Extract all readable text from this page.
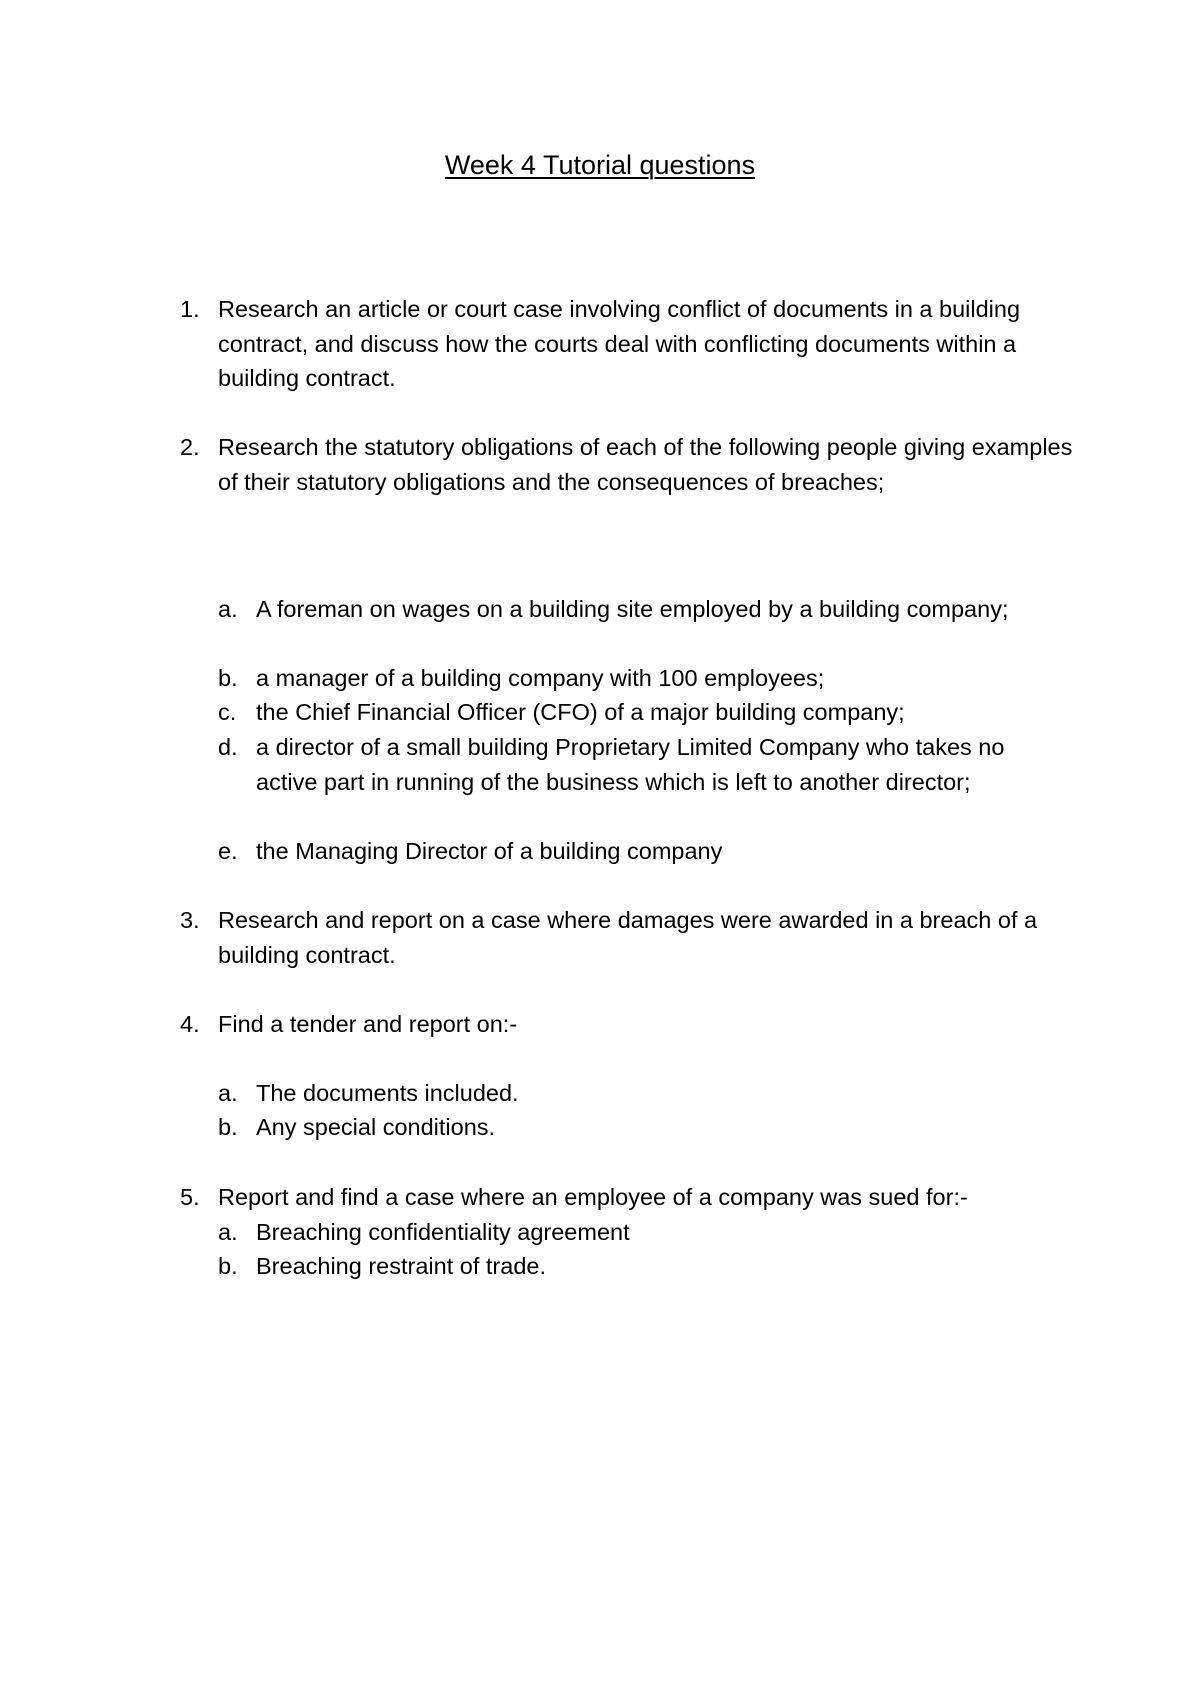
Week 4 Tutorial questions
1. Research an article or court case involving conflict of documents in a building contract, and discuss how the courts deal with conflicting documents within a building contract.
2. Research the statutory obligations of each of the following people giving examples of their statutory obligations and the consequences of breaches;
a. A foreman on wages on a building site employed by a building company;
b. a manager of a building company with 100 employees;
c. the Chief Financial Officer (CFO) of a major building company;
d. a director of a small building Proprietary Limited Company who takes no active part in running of the business which is left to another director;
e. the Managing Director of a building company
3. Research and report on a case where damages were awarded in a breach of a building contract.
4. Find a tender and report on:-
a. The documents included.
b. Any special conditions.
5. Report and find a case where an employee of a company was sued for:-
a. Breaching confidentiality agreement
b. Breaching restraint of trade.
